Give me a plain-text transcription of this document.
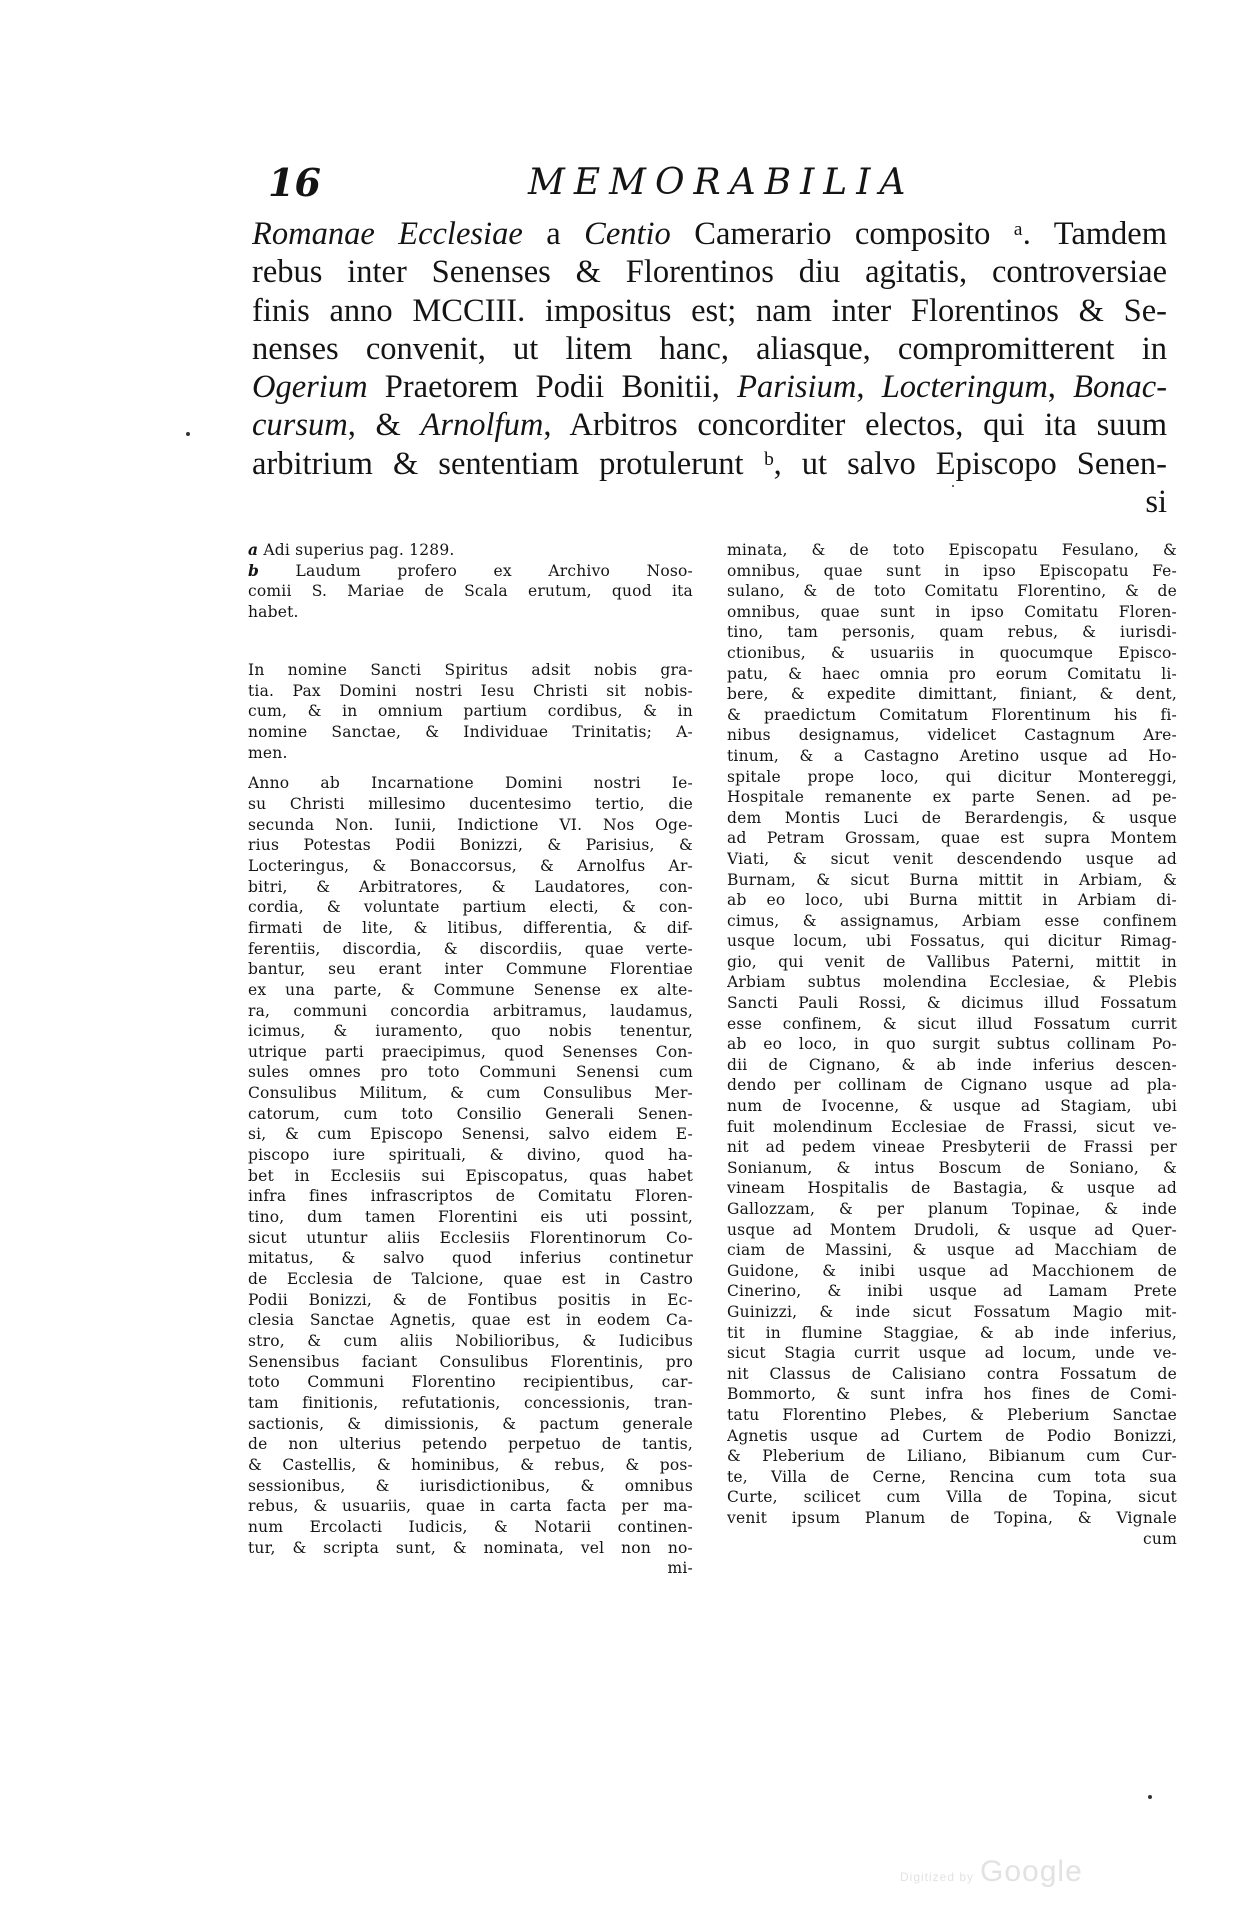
16	MEMORABILIA
Romanae Ecclesiae a Centio Camerario composito ᵃ. Tamdem
rebus inter Senenses & Florentinos diu agitatis, controversiae
finis anno MCCIII. impositus est; nam inter Florentinos & Se-
nenses convenit, ut litem hanc, aliasque, compromitterent in
Ogerium Praetorem Podii Bonitii, Parisium, Locteringum, Bonac-
cursum, & Arnolfum, Arbitros concorditer electos, qui ita suum
arbitrium & sententiam protulerunt ᵇ, ut salvo Episcopo Senen-
si
a Adi superius pag. 1289.
b Laudum profero ex Archivo Noso-
comii S. Mariae de Scala erutum, quod ita
habet.
In nomine Sancti Spiritus adsit nobis gra-
tia. Pax Domini nostri Iesu Christi sit nobis-
cum, & in omnium partium cordibus, & in
nomine Sanctae, & Individuae Trinitatis; A-
men.
Anno ab Incarnatione Domini nostri Ie-
su Christi millesimo ducentesimo tertio, die
secunda Non. Iunii, Indictione VI. Nos Oge-
rius Potestas Podii Bonizzi, & Parisius, &
Locteringus, & Bonaccorsus, & Arnolfus Ar-
bitri, & Arbitratores, & Laudatores, con-
cordia, & voluntate partium electi, & con-
firmati de lite, & litibus, differentia, & dif-
ferentiis, discordia, & discordiis, quae verte-
bantur, seu erant inter Commune Florentiae
ex una parte, & Commune Senense ex alte-
ra, communi concordia arbitramus, laudamus,
icimus, & iuramento, quo nobis tenentur,
utrique parti praecipimus, quod Senenses Con-
sules omnes pro toto Communi Senensi cum
Consulibus Militum, & cum Consulibus Mer-
catorum, cum toto Consilio Generali Senen-
si, & cum Episcopo Senensi, salvo eidem E-
piscopo iure spirituali, & divino, quod ha-
bet in Ecclesiis sui Episcopatus, quas habet
infra fines infrascriptos de Comitatu Floren-
tino, dum tamen Florentini eis uti possint,
sicut utuntur aliis Ecclesiis Florentinorum Co-
mitatus, & salvo quod inferius continetur
de Ecclesia de Talcione, quae est in Castro
Podii Bonizzi, & de Fontibus positis in Ec-
clesia Sanctae Agnetis, quae est in eodem Ca-
stro, & cum aliis Nobilioribus, & Iudicibus
Senensibus faciant Consulibus Florentinis, pro
toto Communi Florentino recipientibus, car-
tam finitionis, refutationis, concessionis, tran-
sactionis, & dimissionis, & pactum generale
de non ulterius petendo perpetuo de tantis,
& Castellis, & hominibus, & rebus, & pos-
sessionibus, & iurisdictionibus, & omnibus
rebus, & usuariis, quae in carta facta per ma-
num Ercolacti Iudicis, & Notarii continen-
tur, & scripta sunt, & nominata, vel non no-
mi-
minata, & de toto Episcopatu Fesulano, &
omnibus, quae sunt in ipso Episcopatu Fe-
sulano, & de toto Comitatu Florentino, & de
omnibus, quae sunt in ipso Comitatu Floren-
tino, tam personis, quam rebus, & iurisdi-
ctionibus, & usuariis in quocumque Episco-
patu, & haec omnia pro eorum Comitatu li-
bere, & expedite dimittant, finiant, & dent,
& praedictum Comitatum Florentinum his fi-
nibus designamus, videlicet Castagnum Are-
tinum, & a Castagno Aretino usque ad Ho-
spitale prope loco, qui dicitur Montereggi,
Hospitale remanente ex parte Senen. ad pe-
dem Montis Luci de Berardengis, & usque
ad Petram Grossam, quae est supra Montem
Viati, & sicut venit descendendo usque ad
Burnam, & sicut Burna mittit in Arbiam, &
ab eo loco, ubi Burna mittit in Arbiam di-
cimus, & assignamus, Arbiam esse confinem
usque locum, ubi Fossatus, qui dicitur Rimag-
gio, qui venit de Vallibus Paterni, mittit in
Arbiam subtus molendina Ecclesiae, & Plebis
Sancti Pauli Rossi, & dicimus illud Fossatum
esse confinem, & sicut illud Fossatum currit
ab eo loco, in quo surgit subtus collinam Po-
dii de Cignano, & ab inde inferius descen-
dendo per collinam de Cignano usque ad pla-
num de Ivocenne, & usque ad Stagiam, ubi
fuit molendinum Ecclesiae de Frassi, sicut ve-
nit ad pedem vineae Presbyterii de Frassi per
Sonianum, & intus Boscum de Soniano, &
vineam Hospitalis de Bastagia, & usque ad
Gallozzam, & per planum Topinae, & inde
usque ad Montem Drudoli, & usque ad Quer-
ciam de Massini, & usque ad Macchiam de
Guidone, & inibi usque ad Macchionem de
Cinerino, & inibi usque ad Lamam Prete
Guinizzi, & inde sicut Fossatum Magio mit-
tit in flumine Staggiae, & ab inde inferius,
sicut Stagia currit usque ad locum, unde ve-
nit Classus de Calisiano contra Fossatum de
Bommorto, & sunt infra hos fines de Comi-
tatu Florentino Plebes, & Pleberium Sanctae
Agnetis usque ad Curtem de Podio Bonizzi,
& Pleberium de Liliano, Bibianum cum Cur-
te, Villa de Cerne, Rencina cum tota sua
Curte, scilicet cum Villa de Topina, sicut
venit ipsum Planum de Topina, & Vignale
cum
Digitized by Google
